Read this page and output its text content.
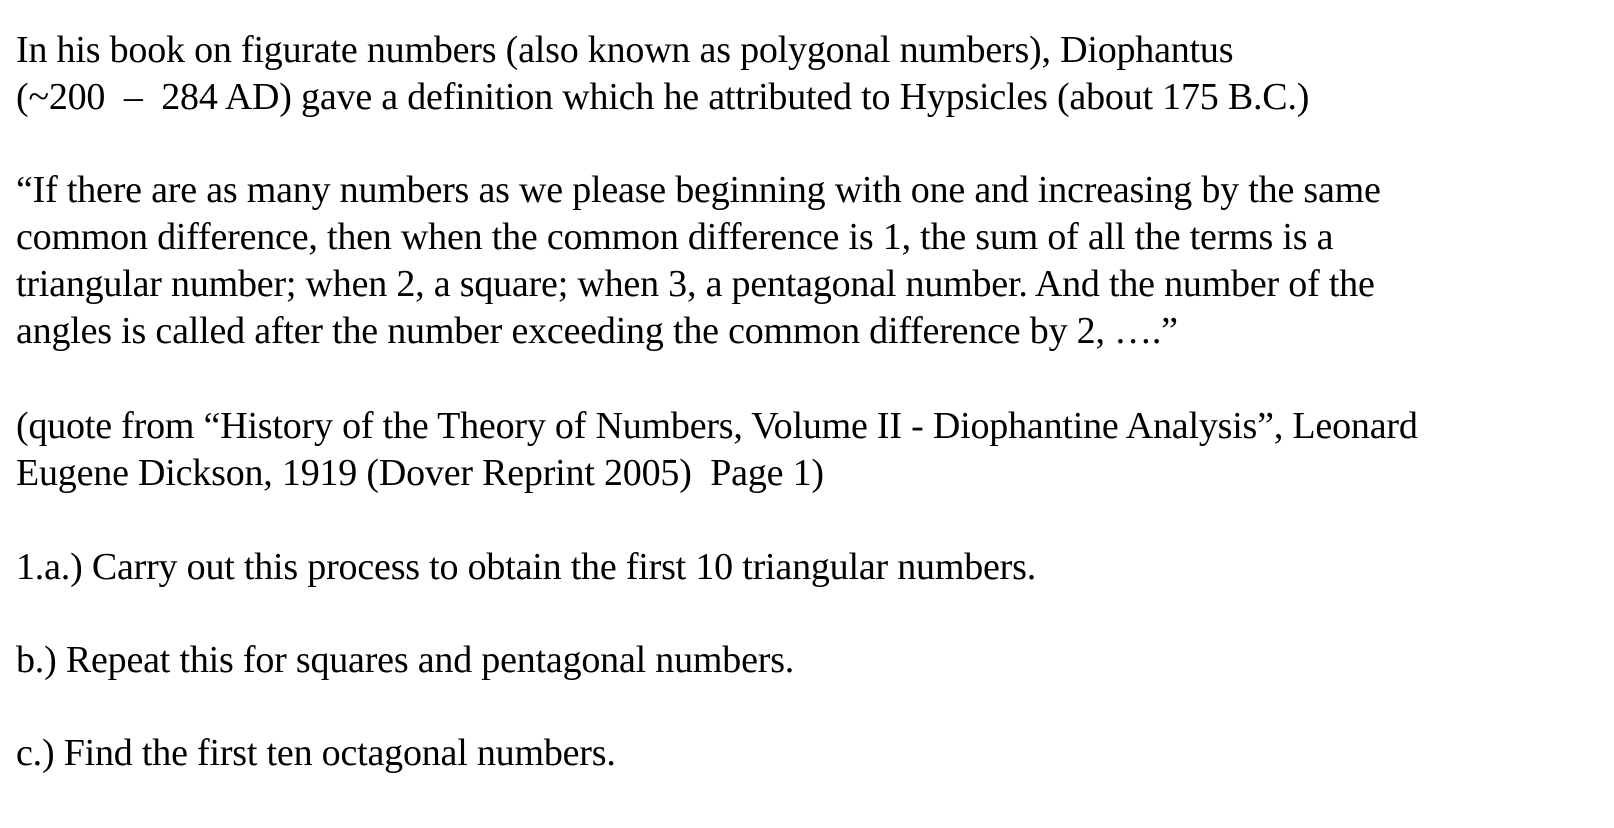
In his book on figurate numbers (also known as polygonal numbers), Diophantus
(~200  –  284 AD) gave a definition which he attributed to Hypsicles (about 175 B.C.)
“If there are as many numbers as we please beginning with one and increasing by the same
common difference, then when the common difference is 1, the sum of all the terms is a
triangular number; when 2, a square; when 3, a pentagonal number. And the number of the
angles is called after the number exceeding the common difference by 2, ….”
(quote from “History of the Theory of Numbers, Volume II - Diophantine Analysis”, Leonard
Eugene Dickson, 1919 (Dover Reprint 2005)  Page 1)
1.a.) Carry out this process to obtain the first 10 triangular numbers.
b.) Repeat this for squares and pentagonal numbers.
c.) Find the first ten octagonal numbers.
